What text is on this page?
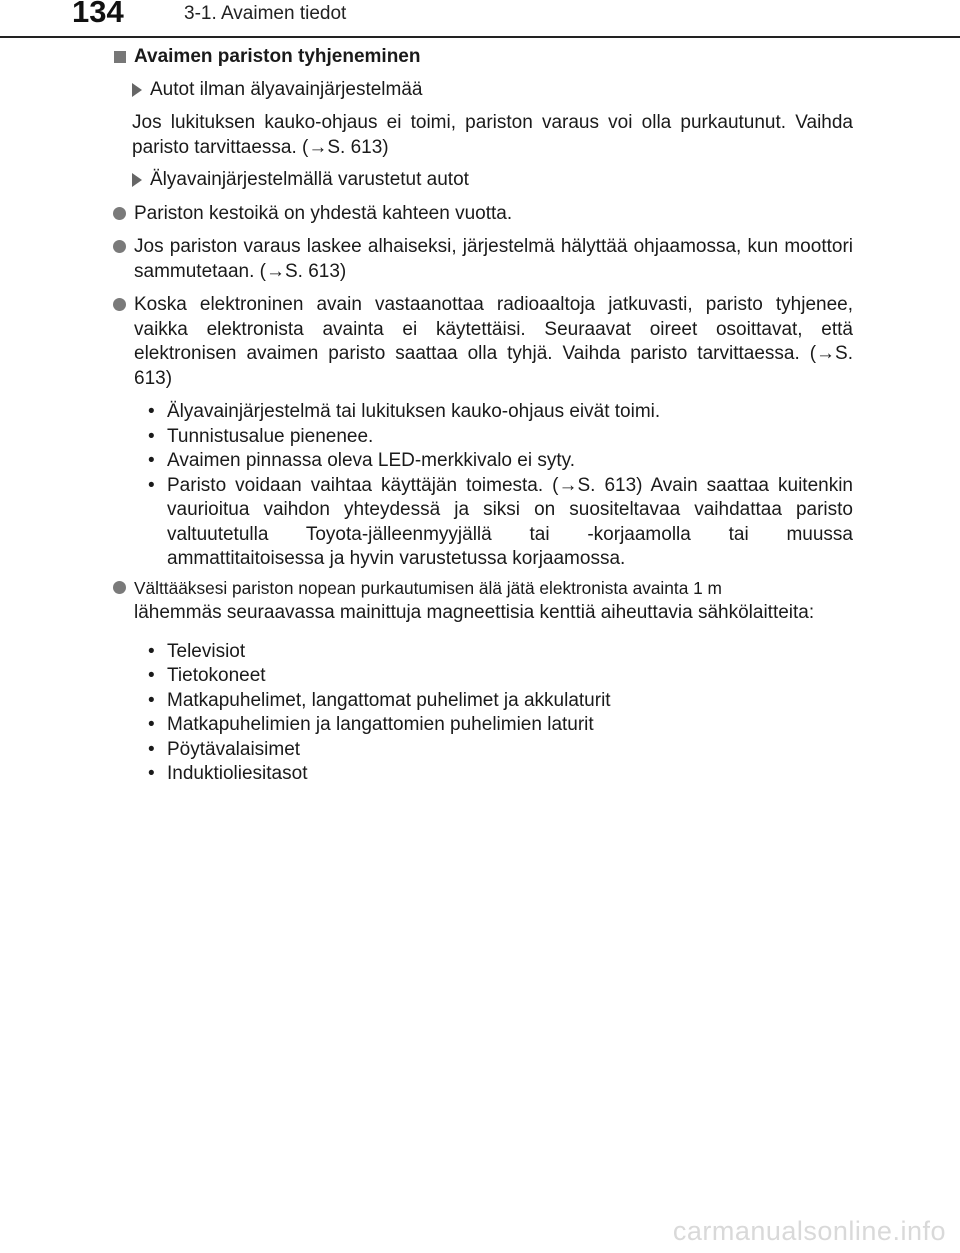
134	3-1. Avaimen tiedot
Avaimen pariston tyhjeneminen
Autot ilman älyavainjärjestelmää
Jos lukituksen kauko-ohjaus ei toimi, pariston varaus voi olla purkautunut. Vaihda paristo tarvittaessa. (→S. 613)
Älyavainjärjestelmällä varustetut autot
Pariston kestoikä on yhdestä kahteen vuotta.
Jos pariston varaus laskee alhaiseksi, järjestelmä hälyttää ohjaamossa, kun moottori sammutetaan. (→S. 613)
Koska elektroninen avain vastaanottaa radioaaltoja jatkuvasti, paristo tyhjenee, vaikka elektronista avainta ei käytettäisi. Seuraavat oireet osoittavat, että elektronisen avaimen paristo saattaa olla tyhjä. Vaihda paristo tarvittaessa. (→S. 613)
• Älyavainjärjestelmä tai lukituksen kauko-ohjaus eivät toimi.
• Tunnistusalue pienenee.
• Avaimen pinnassa oleva LED-merkkivalo ei syty.
• Paristo voidaan vaihtaa käyttäjän toimesta. (→S. 613) Avain saattaa kuitenkin vaurioitua vaihdon yhteydessä ja siksi on suositeltavaa vaihdattaa paristo valtuutetulla Toyota-jälleenmyyjällä tai -korjaamolla tai muussa ammattitaitoisessa ja hyvin varustetussa korjaamossa.
Välttääksesi pariston nopean purkautumisen älä jätä elektronista avainta 1 m
lähemmäs seuraavassa mainittuja magneettisia kenttiä aiheuttavia sähkölaitteita:
• Televisiot
• Tietokoneet
• Matkapuhelimet, langattomat puhelimet ja akkulaturit
• Matkapuhelimien ja langattomien puhelimien laturit
• Pöytävalaisimet
• Induktioliesitasot
carmanualsonline.info
